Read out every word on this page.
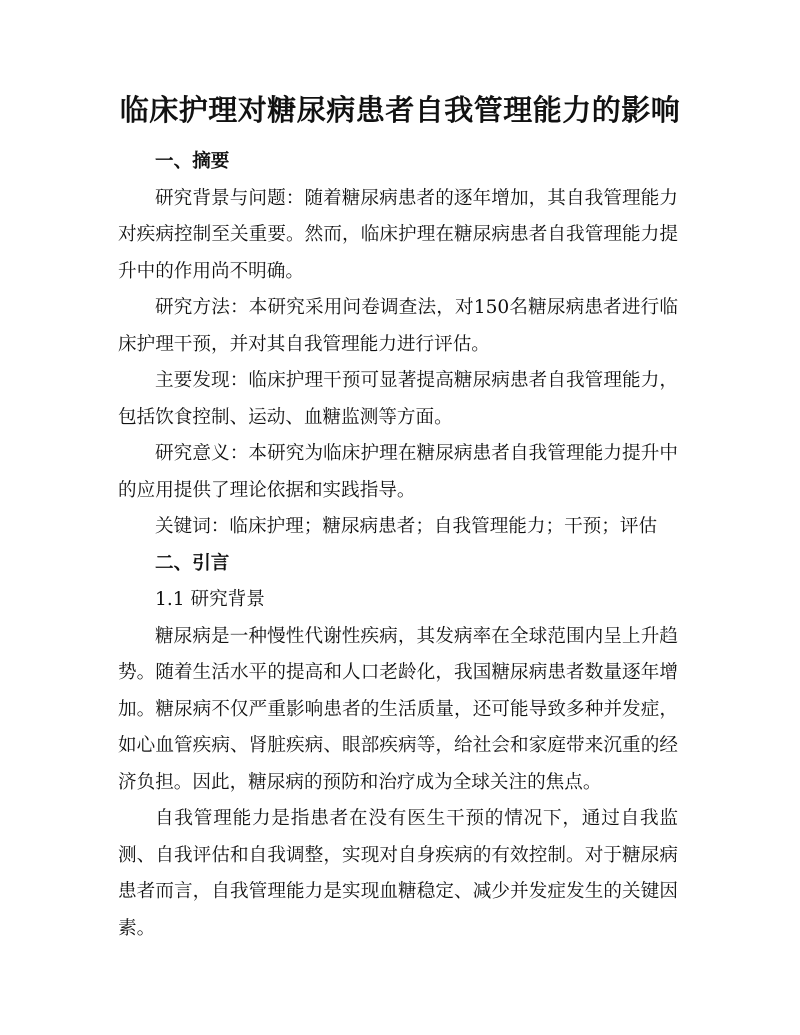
临床护理对糖尿病患者自我管理能力的影响
一、摘要
研究背景与问题：随着糖尿病患者的逐年增加，其自我管理能力对疾病控制至关重要。然而，临床护理在糖尿病患者自我管理能力提升中的作用尚不明确。
研究方法：本研究采用问卷调查法，对150名糖尿病患者进行临床护理干预，并对其自我管理能力进行评估。
主要发现：临床护理干预可显著提高糖尿病患者自我管理能力，包括饮食控制、运动、血糖监测等方面。
研究意义：本研究为临床护理在糖尿病患者自我管理能力提升中的应用提供了理论依据和实践指导。
关键词：临床护理；糖尿病患者；自我管理能力；干预；评估
二、引言
1.1 研究背景
糖尿病是一种慢性代谢性疾病，其发病率在全球范围内呈上升趋势。随着生活水平的提高和人口老龄化，我国糖尿病患者数量逐年增加。糖尿病不仅严重影响患者的生活质量，还可能导致多种并发症，如心血管疾病、肾脏疾病、眼部疾病等，给社会和家庭带来沉重的经济负担。因此，糖尿病的预防和治疗成为全球关注的焦点。
自我管理能力是指患者在没有医生干预的情况下，通过自我监测、自我评估和自我调整，实现对自身疾病的有效控制。对于糖尿病患者而言，自我管理能力是实现血糖稳定、减少并发症发生的关键因素。
